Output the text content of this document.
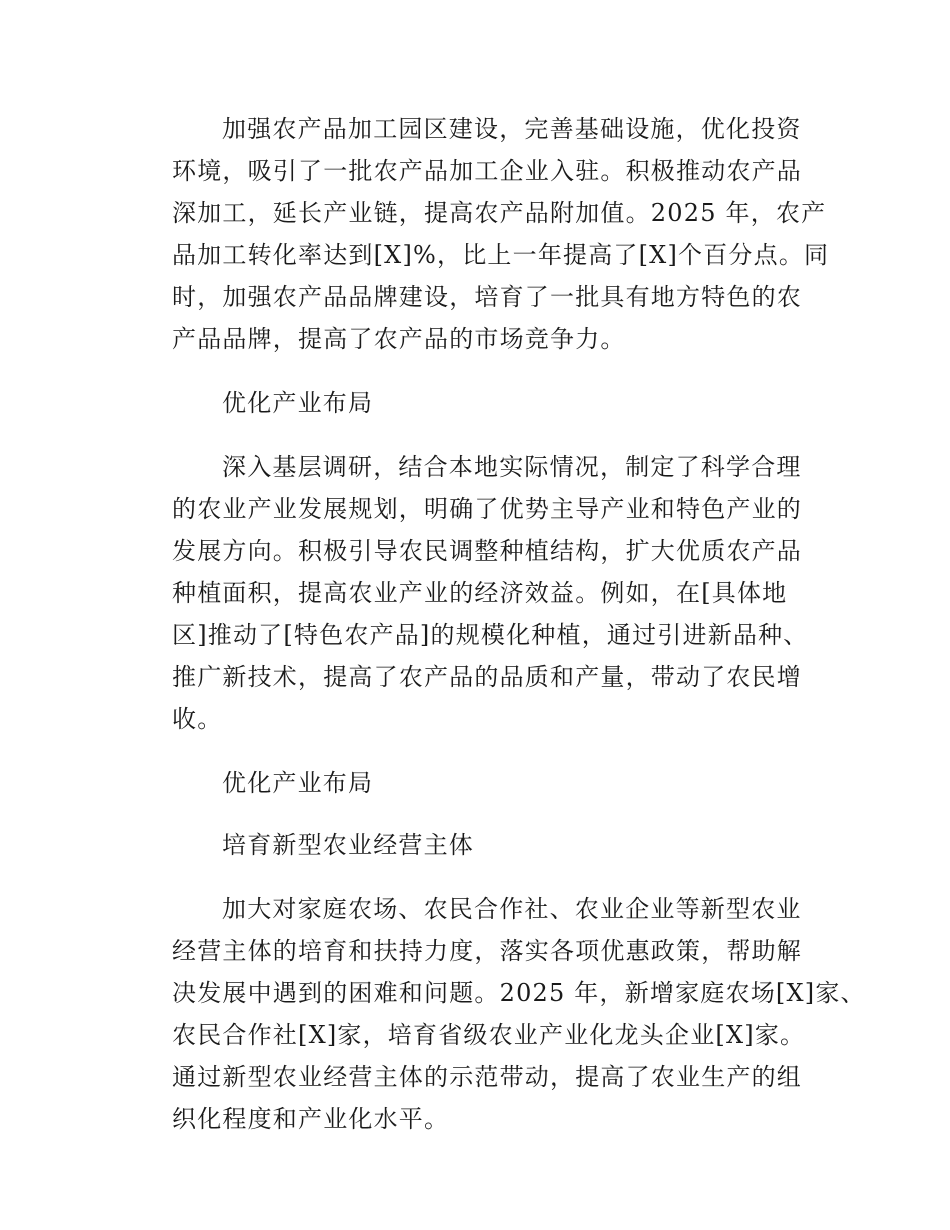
加强农产品加工园区建设，完善基础设施，优化投资
环境，吸引了一批农产品加工企业入驻。积极推动农产品
深加工，延长产业链，提高农产品附加值。2025 年，农产
品加工转化率达到[X]%，比上一年提高了[X]个百分点。同
时，加强农产品品牌建设，培育了一批具有地方特色的农
产品品牌，提高了农产品的市场竞争力。

优化产业布局

深入基层调研，结合本地实际情况，制定了科学合理
的农业产业发展规划，明确了优势主导产业和特色产业的
发展方向。积极引导农民调整种植结构，扩大优质农产品
种植面积，提高农业产业的经济效益。例如，在[具体地
区]推动了[特色农产品]的规模化种植，通过引进新品种、
推广新技术，提高了农产品的品质和产量，带动了农民增
收。

优化产业布局
培育新型农业经营主体

加大对家庭农场、农民合作社、农业企业等新型农业
经营主体的培育和扶持力度，落实各项优惠政策，帮助解
决发展中遇到的困难和问题。2025 年，新增家庭农场[X]家、
农民合作社[X]家，培育省级农业产业化龙头企业[X]家。
通过新型农业经营主体的示范带动，提高了农业生产的组
织化程度和产业化水平。
